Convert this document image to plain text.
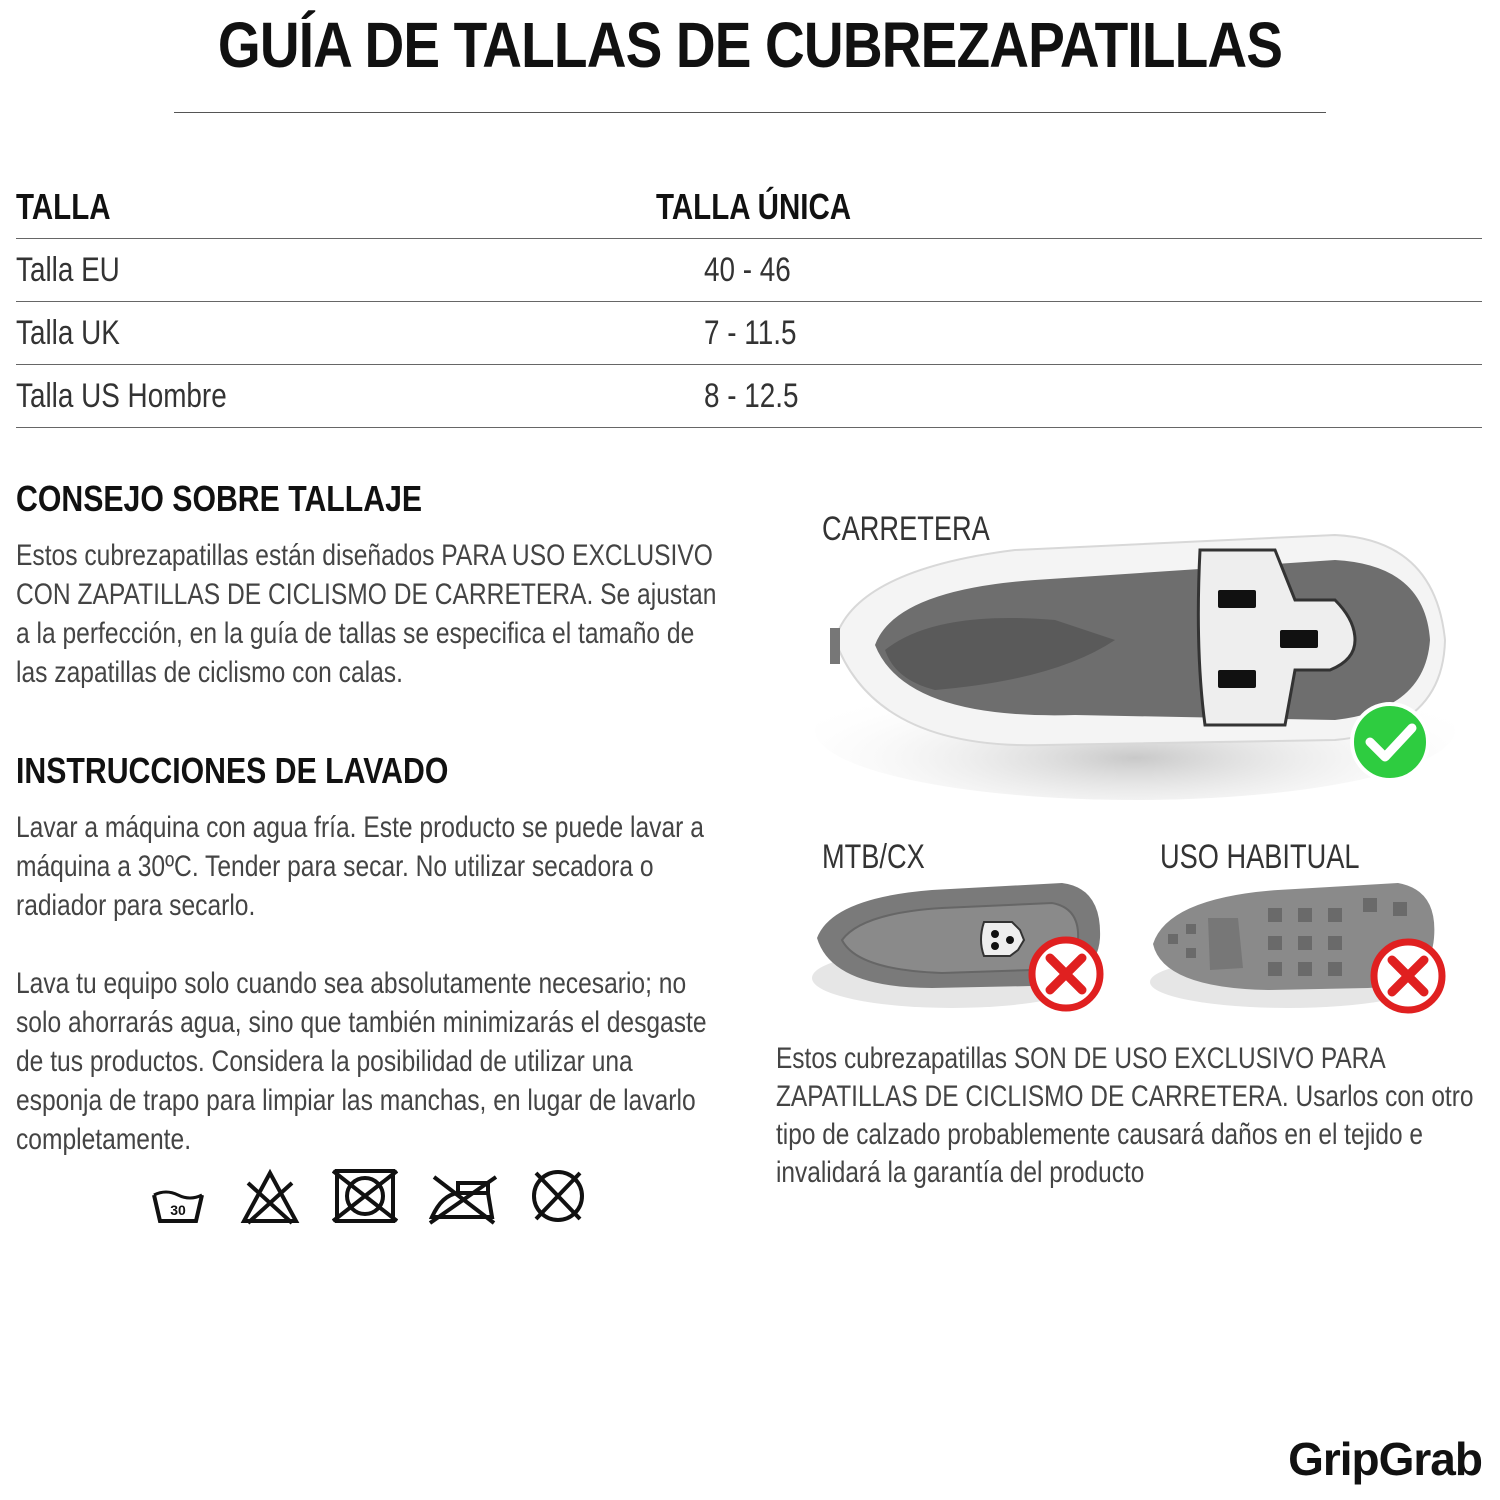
GUÍA DE TALLAS DE CUBREZAPATILLAS
TALLA	TALLA ÚNICA
Talla EU	40 - 46
Talla UK	7 - 11.5
Talla US Hombre	8 - 12.5
CONSEJO SOBRE TALLAJE
Estos cubrezapatillas están diseñados PARA USO EXCLUSIVO CON ZAPATILLAS DE CICLISMO DE CARRETERA. Se ajustan a la perfección, en la guía de tallas se especifica el tamaño de las zapatillas de ciclismo con calas.
INSTRUCCIONES DE LAVADO
Lavar a máquina con agua fría. Este producto se puede lavar a máquina a 30ºC. Tender para secar. No utilizar secadora o radiador para secarlo.
Lava tu equipo solo cuando sea absolutamente necesario; no solo ahorrarás agua, sino que también minimizarás el desgaste de tus productos. Considera la posibilidad de utilizar una esponja de trapo para limpiar las manchas, en lugar de lavarlo completamente.
30
CARRETERA
MTB/CX	USO HABITUAL
Estos cubrezapatillas SON DE USO EXCLUSIVO PARA ZAPATILLAS DE CICLISMO DE CARRETERA. Usarlos con otro tipo de calzado probablemente causará daños en el tejido e invalidará la garantía del producto
GripGrab
